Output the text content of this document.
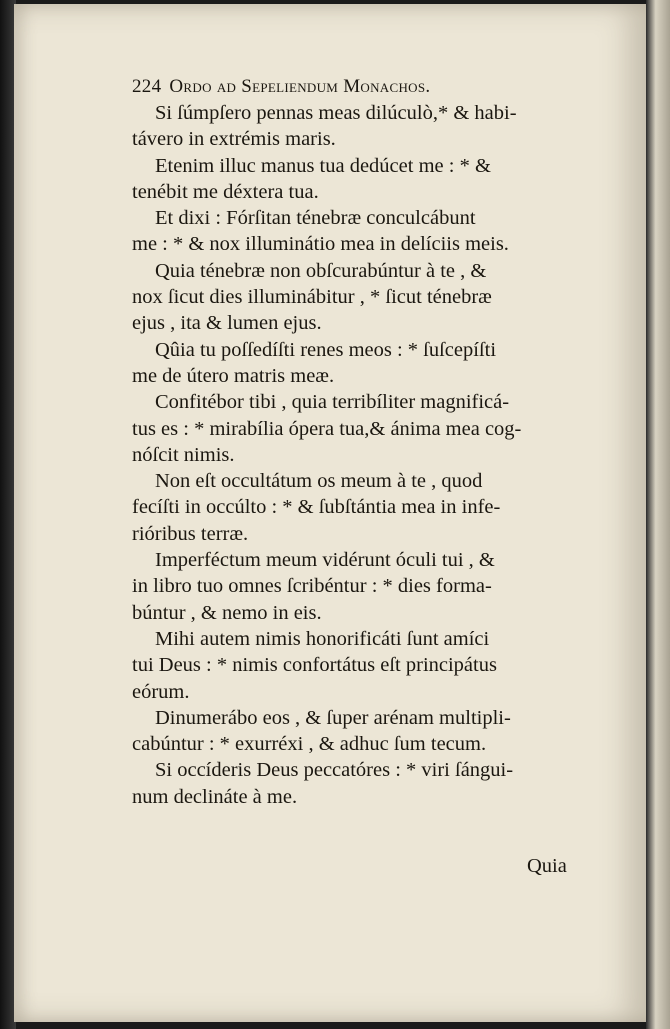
224 Ordo ad Sepeliendum Monachos.
Si ſúmpſero pennas meas dilúculò,* & habi-
távero in extrémis maris.
Etenim illuc manus tua dedúcet me : * &
tenébit me déxtera tua.
Et dixi : Fórſitan ténebræ conculcábunt
me : * & nox illuminátio mea in delíciis meis.
Quia ténebræ non obſcurabúntur à te , &
nox ſicut dies illuminábitur , * ſicut ténebræ
ejus , ita & lumen ejus.
Qûia tu poſſedíſti renes meos : * ſuſcepíſti
me de útero matris meæ.
Confitébor tibi , quia terribíliter magnificá-
tus es : * mirabília ópera tua,& ánima mea cog-
nóſcit nimis.
Non eſt occultátum os meum à te , quod
fecíſti in occúlto : * & ſubſtántia mea in infe-
rióribus terræ.
Imperféctum meum vidérunt óculi tui , &
in libro tuo omnes ſcribéntur : * dies forma-
búntur , & nemo in eis.
Mihi autem nimis honorificáti ſunt amíci
tui Deus : * nimis confortátus eſt principátus
eórum.
Dinumerábo eos , & ſuper arénam multipli-
cabúntur : * exurréxi , & adhuc ſum tecum.
Si occíderis Deus peccatóres : * viri ſángui-
num declináte à me.
Quia
